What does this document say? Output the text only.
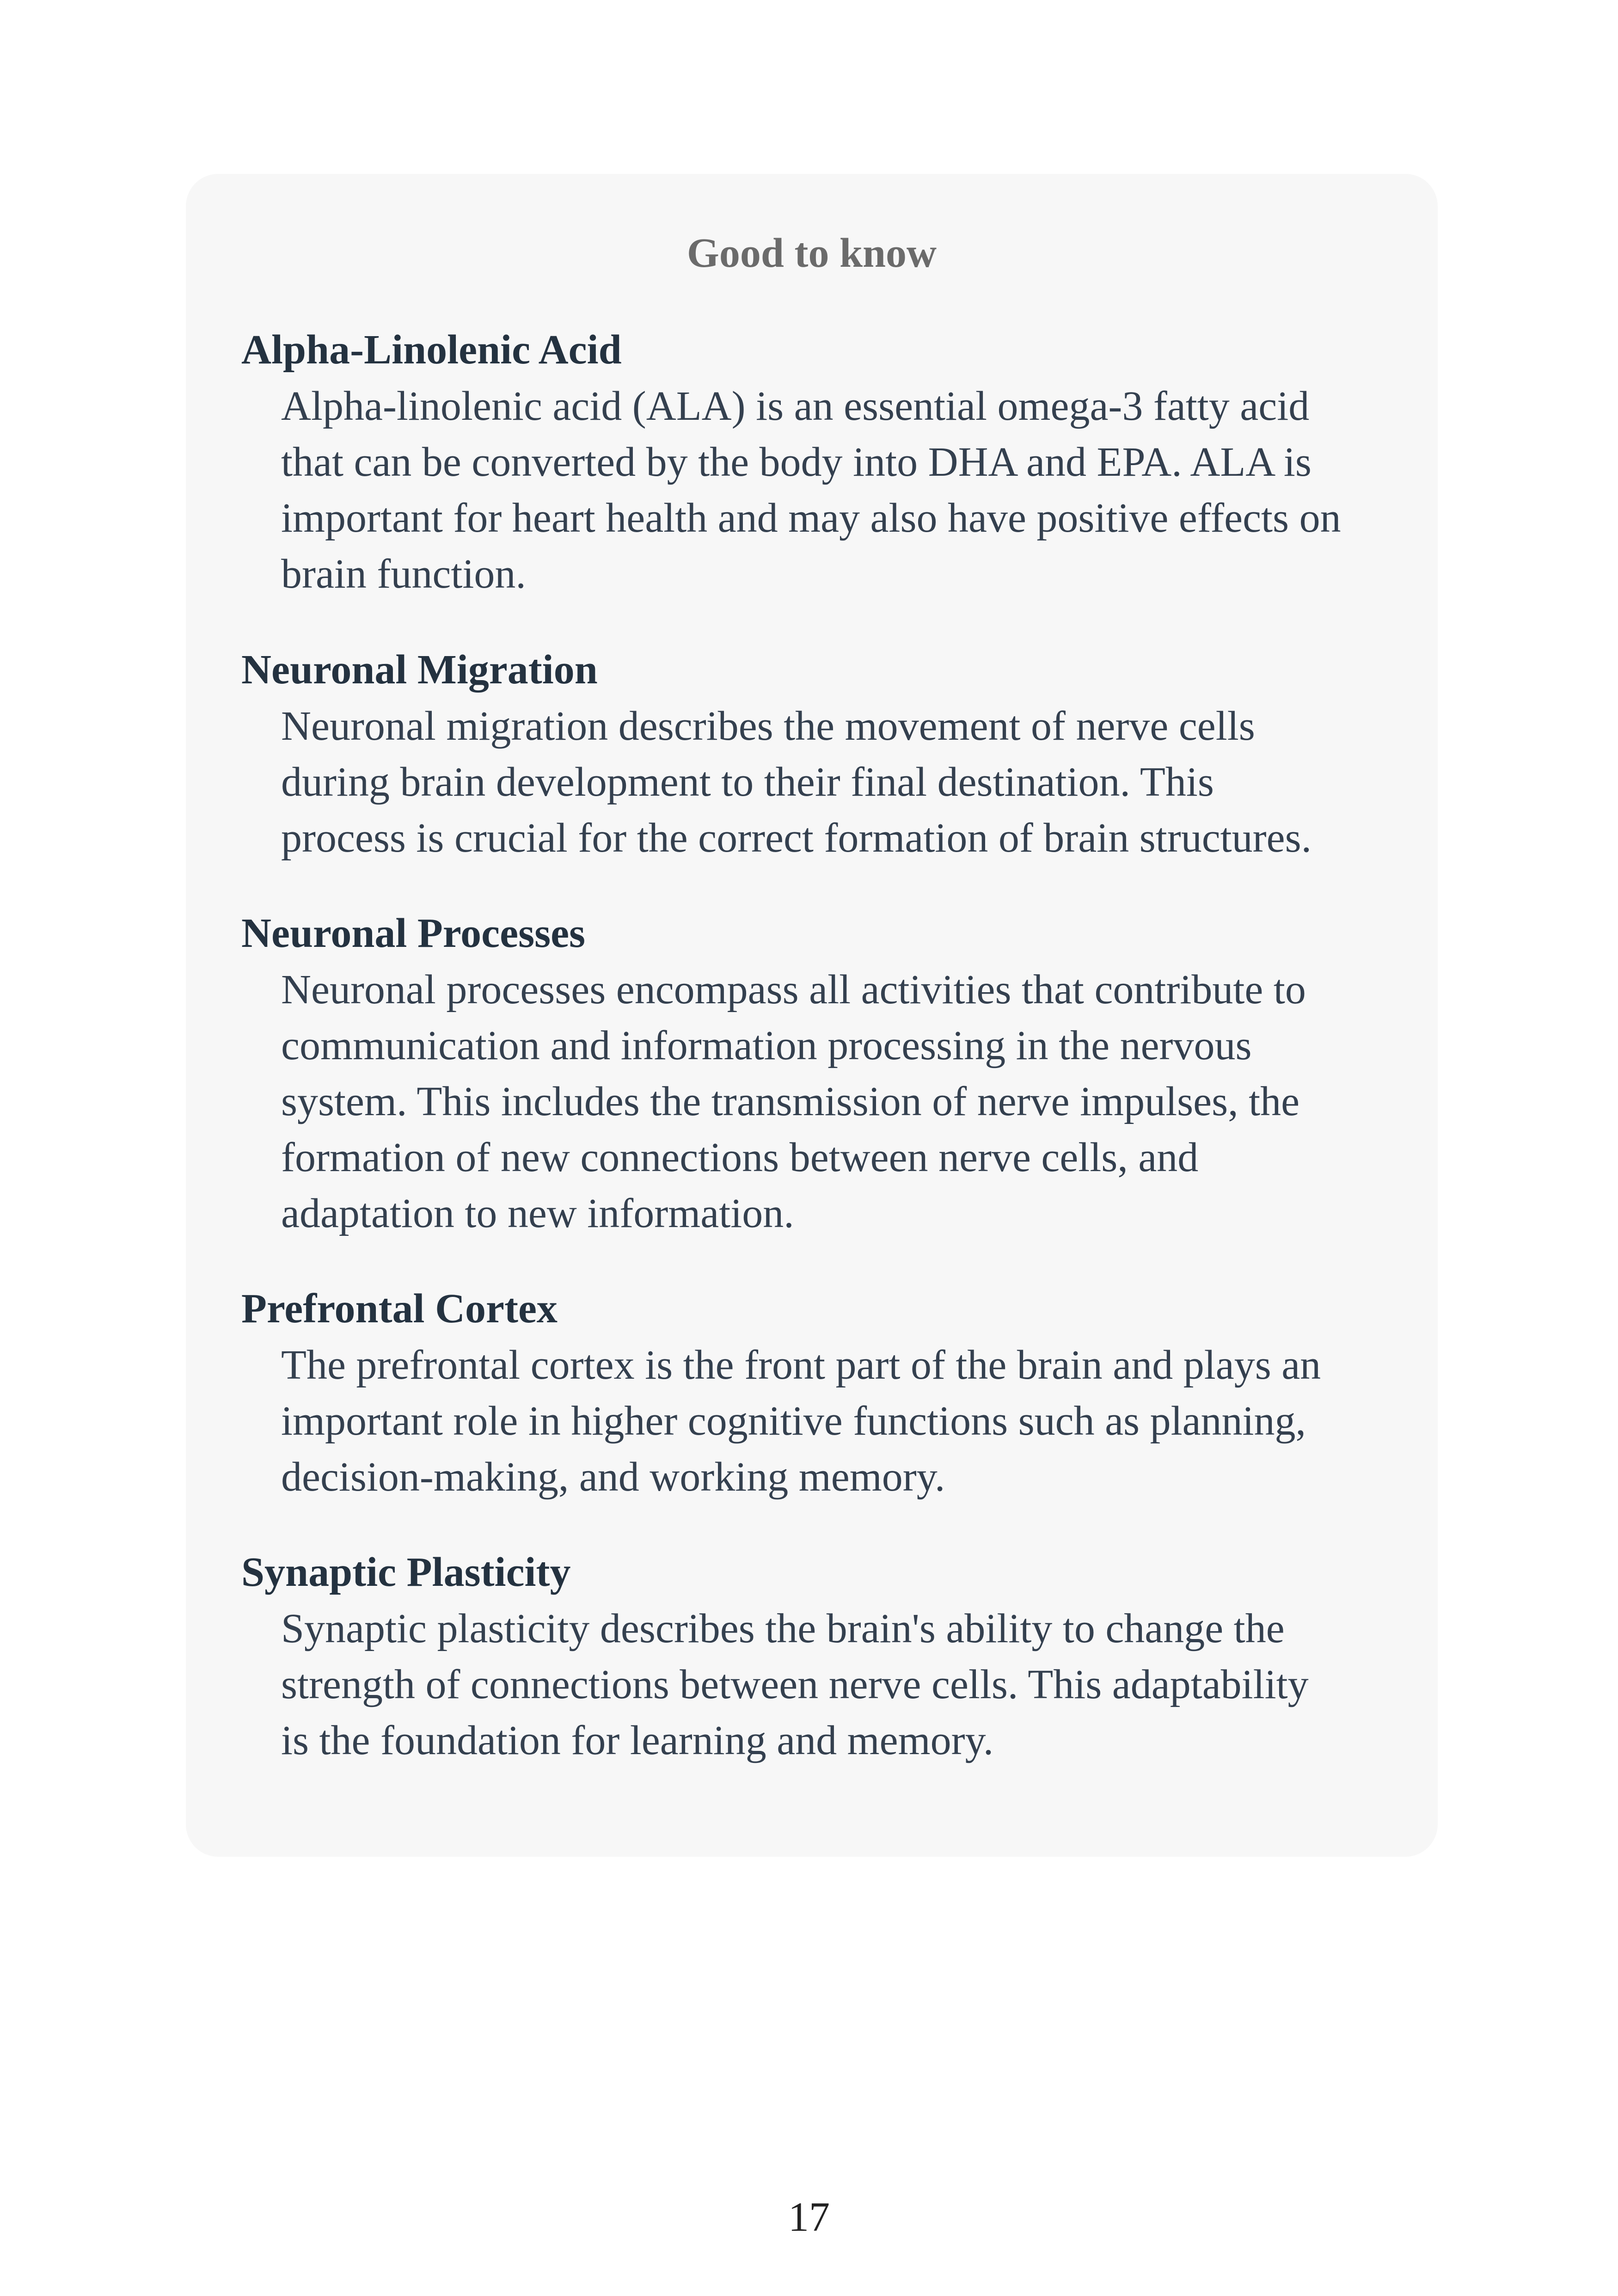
Good to know
Alpha-Linolenic Acid
Alpha-linolenic acid (ALA) is an essential omega-3 fatty acid
that can be converted by the body into DHA and EPA. ALA is
important for heart health and may also have positive effects on
brain function.
Neuronal Migration
Neuronal migration describes the movement of nerve cells
during brain development to their final destination. This
process is crucial for the correct formation of brain structures.
Neuronal Processes
Neuronal processes encompass all activities that contribute to
communication and information processing in the nervous
system. This includes the transmission of nerve impulses, the
formation of new connections between nerve cells, and
adaptation to new information.
Prefrontal Cortex
The prefrontal cortex is the front part of the brain and plays an
important role in higher cognitive functions such as planning,
decision-making, and working memory.
Synaptic Plasticity
Synaptic plasticity describes the brain's ability to change the
strength of connections between nerve cells. This adaptability
is the foundation for learning and memory.
17
